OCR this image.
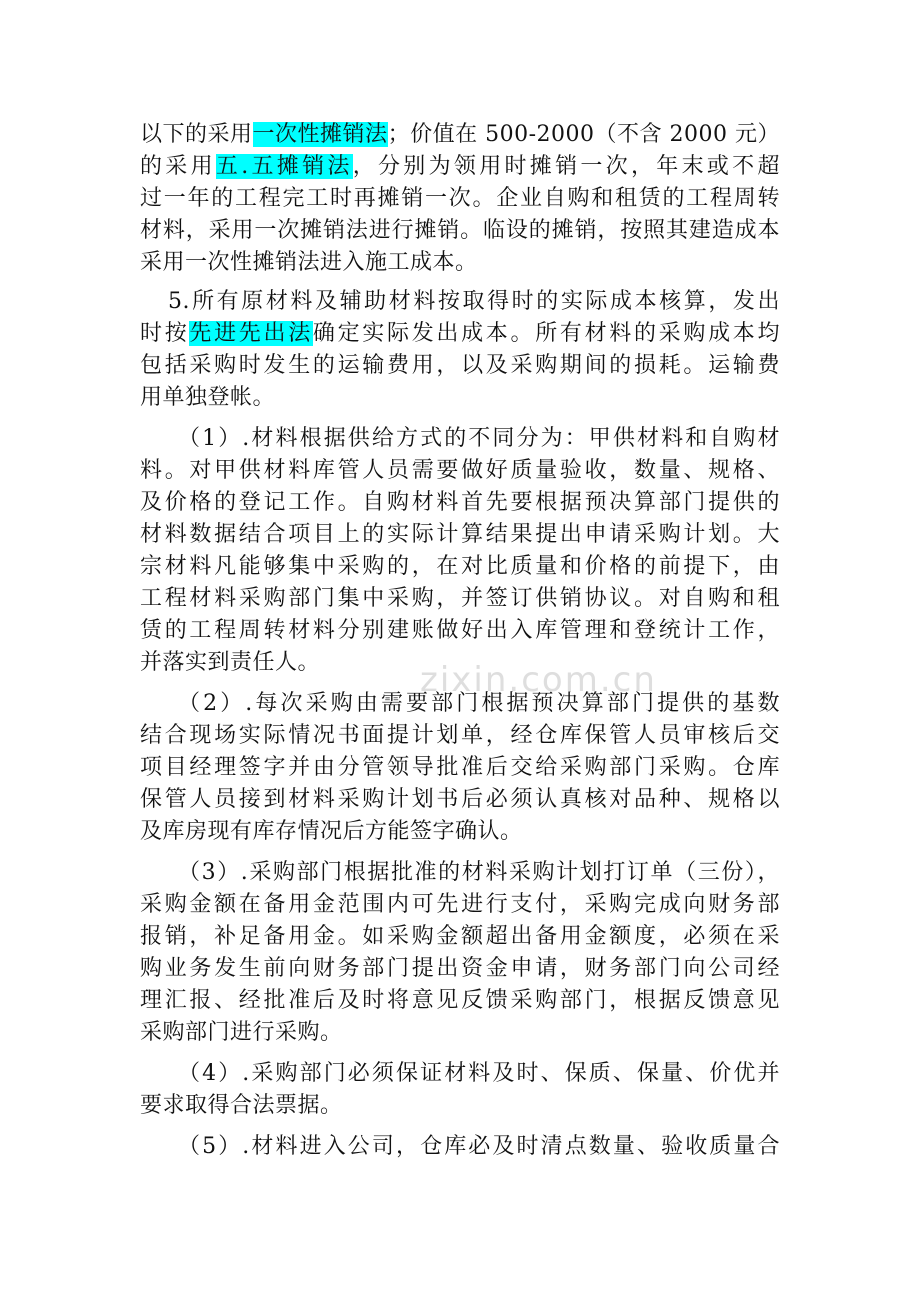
以下的采用一次性摊销法；价值在 500-2000（不含 2000 元）
的采用五.五摊销法，分别为领用时摊销一次，年末或不超
过一年的工程完工时再摊销一次。企业自购和租赁的工程周转
材料，采用一次摊销法进行摊销。临设的摊销，按照其建造成本
采用一次性摊销法进入施工成本。
5.所有原材料及辅助材料按取得时的实际成本核算，发出
时按先进先出法确定实际发出成本。所有材料的采购成本均
包括采购时发生的运输费用，以及采购期间的损耗。运输费
用单独登帐。
（1）.材料根据供给方式的不同分为：甲供材料和自购材
料。对甲供材料库管人员需要做好质量验收，数量、规格、
及价格的登记工作。自购材料首先要根据预决算部门提供的
材料数据结合项目上的实际计算结果提出申请采购计划。大
宗材料凡能够集中采购的，在对比质量和价格的前提下，由
工程材料采购部门集中采购，并签订供销协议。对自购和租
赁的工程周转材料分别建账做好出入库管理和登统计工作，
并落实到责任人。
（2）.每次采购由需要部门根据预决算部门提供的基数
结合现场实际情况书面提计划单，经仓库保管人员审核后交
项目经理签字并由分管领导批准后交给采购部门采购。仓库
保管人员接到材料采购计划书后必须认真核对品种、规格以
及库房现有库存情况后方能签字确认。
（3）.采购部门根据批准的材料采购计划打订单（三份），
采购金额在备用金范围内可先进行支付，采购完成向财务部
报销，补足备用金。如采购金额超出备用金额度，必须在采
购业务发生前向财务部门提出资金申请，财务部门向公司经
理汇报、经批准后及时将意见反馈采购部门，根据反馈意见
采购部门进行采购。
（4）.采购部门必须保证材料及时、保质、保量、价优并
要求取得合法票据。
（5）.材料进入公司，仓库必及时清点数量、验收质量合
zixin.com.cn
